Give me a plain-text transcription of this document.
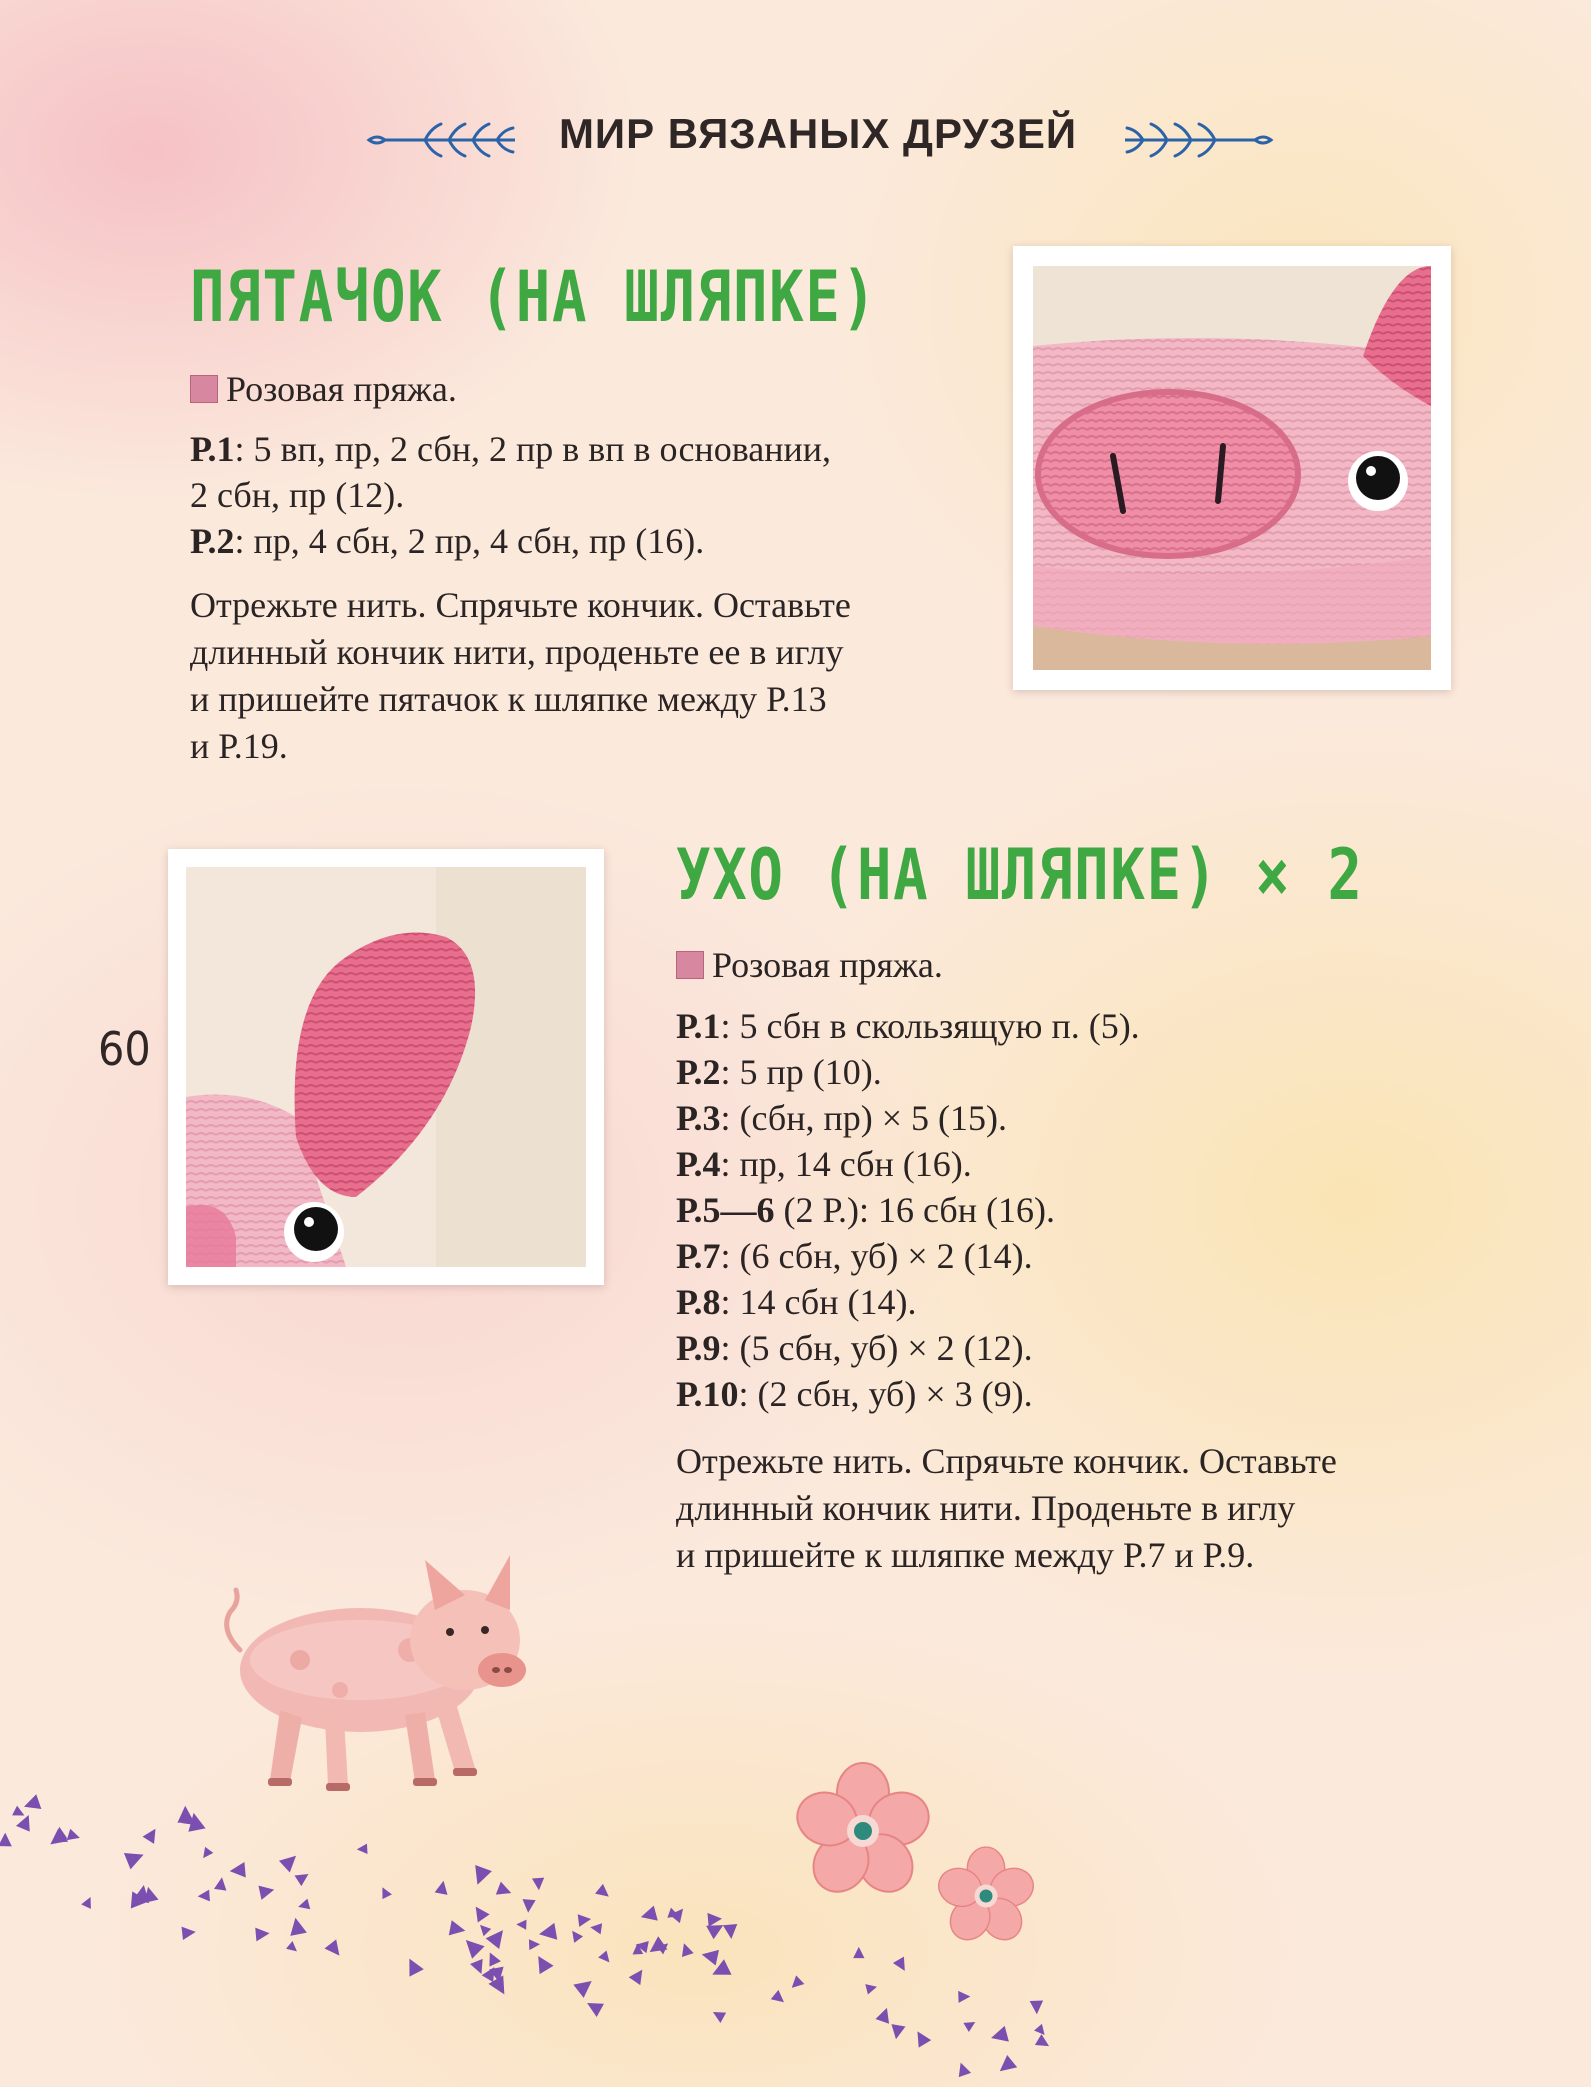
МИР ВЯЗАНЫХ ДРУЗЕЙ
ПЯТАЧОК (НА ШЛЯПКЕ)
Розовая пряжа.
Р.1: 5 вп, пр, 2 сбн, 2 пр в вп в основании,
2 сбн, пр (12).
Р.2: пр, 4 сбн, 2 пр, 4 сбн, пр (16).
Отрежьте нить. Спрячьте кончик. Оставьте
длинный кончик нити, проденьте ее в иглу
и пришейте пятачок к шляпке между Р.13
и Р.19.
60
УХО (НА ШЛЯПКЕ) × 2
Розовая пряжа.
Р.1: 5 сбн в скользящую п. (5).
Р.2: 5 пр (10).
Р.3: (сбн, пр) × 5 (15).
Р.4: пр, 14 сбн (16).
Р.5—6 (2 Р.): 16 сбн (16).
Р.7: (6 сбн, уб) × 2 (14).
Р.8: 14 сбн (14).
Р.9: (5 сбн, уб) × 2 (12).
Р.10: (2 сбн, уб) × 3 (9).
Отрежьте нить. Спрячьте кончик. Оставьте
длинный кончик нити. Проденьте в иглу
и пришейте к шляпке между Р.7 и Р.9.
